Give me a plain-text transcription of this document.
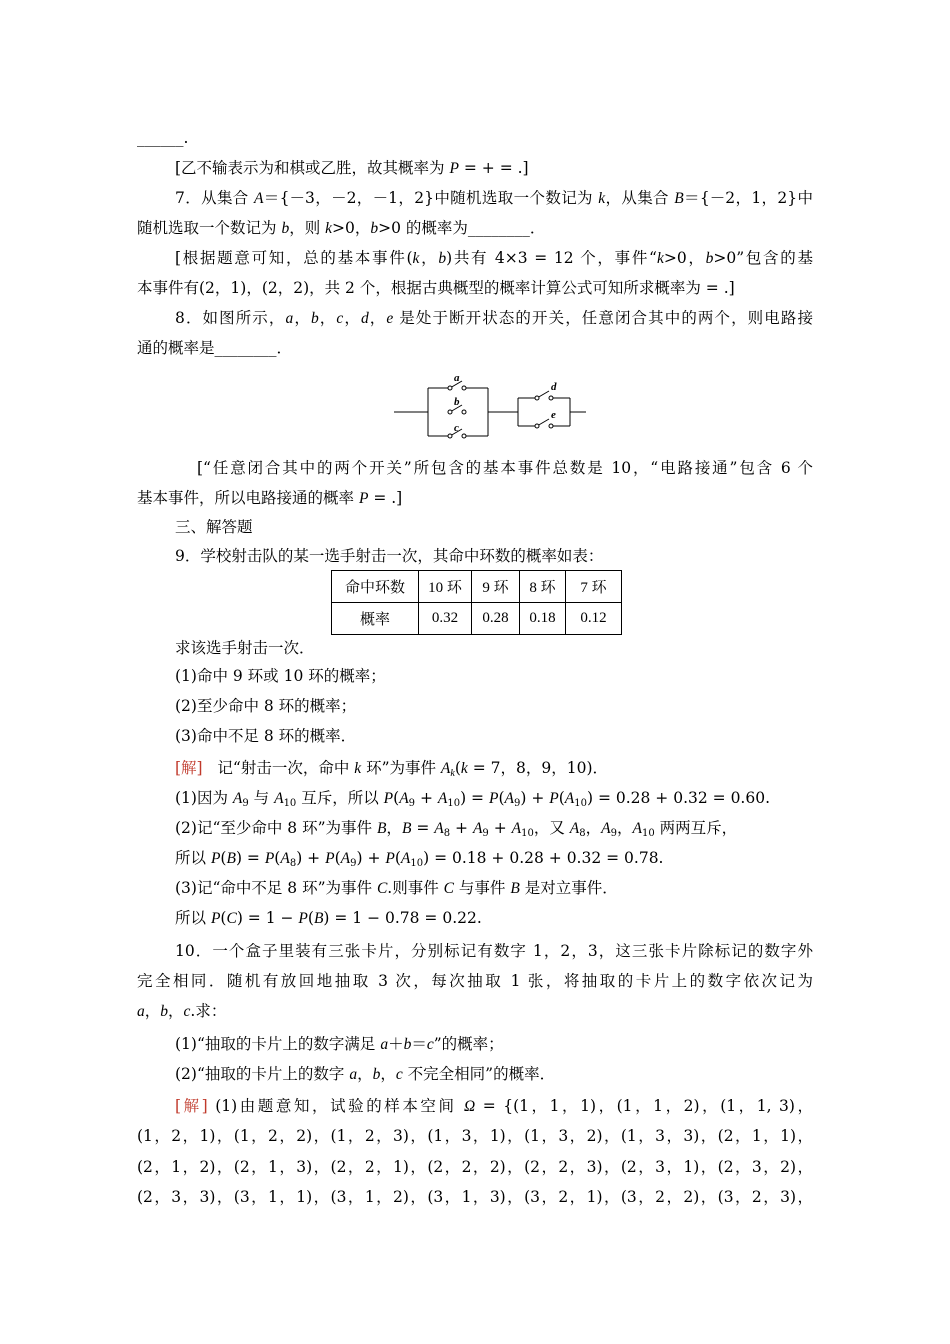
______.
[乙不输表示为和棋或乙胜，故其概率为 P = + = .]
7．从集合 A＝{－3，－2，－1，2}中随机选取一个数记为 k，从集合 B＝{－2，1，2}中
随机选取一个数记为 b，则 k>0，b>0 的概率为________．
[根据题意可知，总的基本事件(k，b)共有 4×3 = 12 个，事件“k>0，b>0”包含的基
本事件有(2，1)，(2，2)，共 2 个，根据古典概型的概率计算公式可知所求概率为 = .]
8．如图所示，a，b，c，d，e 是处于断开状态的开关，任意闭合其中的两个，则电路接
通的概率是________．
a
b
c
d
e
[“任意闭合其中的两个开关”所包含的基本事件总数是 10，“电路接通”包含 6 个
基本事件，所以电路接通的概率 P = .]
三、解答题
9．学校射击队的某一选手射击一次，其命中环数的概率如表：
命中环数	10 环	9 环	8 环	7 环
概率	0.32	0.28	0.18	0.12
求该选手射击一次．
(1)命中 9 环或 10 环的概率；
(2)至少命中 8 环的概率；
(3)命中不足 8 环的概率．
[解]   记“射击一次，命中 k 环”为事件 $A_k(k = 7$，8，9，10)．
(1)因为 $A_9$ 与 $A_{10}$ 互斥，所以 $P(A_9 + A_{10}) = P(A_9) + P(A_{10}) = 0.28 + 0.32 = 0.60$.
(2)记“至少命中 8 环”为事件 B，$B = A_8 + A_9 + A_{10}$，又 $A_8$，$A_9$，$A_{10}$ 两两互斥，
所以 $P(B) = P(A_8) + P(A_9) + P(A_{10}) = 0.18 + 0.28 + 0.32 = 0.78$.
(3)记“命中不足 8 环”为事件 C.则事件 C 与事件 B 是对立事件．
所以 P(C) = 1 − P(B) = 1 − 0.78 = 0.22.
10．一个盒子里装有三张卡片，分别标记有数字 1，2，3，这三张卡片除标记的数字外
完全相同．随机有放回地抽取 3 次，每次抽取 1 张，将抽取的卡片上的数字依次记为
a，b，c.求：
(1)“抽取的卡片上的数字满足 a＋b＝c”的概率；
(2)“抽取的卡片上的数字 a，b，c 不完全相同”的概率．
[解] (1)由题意知，试验的样本空间 Ω = {(1，1，1)，(1，1，2)，(1，1, 3)，
(1，2，1)，(1，2，2)，(1，2，3)，(1，3，1)，(1，3，2)，(1，3，3)，(2，1，1)，
(2，1，2)，(2，1，3)，(2，2，1)，(2，2，2)，(2，2，3)，(2，3，1)，(2，3，2)，
(2，3，3)，(3，1，1)，(3，1，2)，(3，1，3)，(3，2，1)，(3，2，2)，(3，2，3)，
